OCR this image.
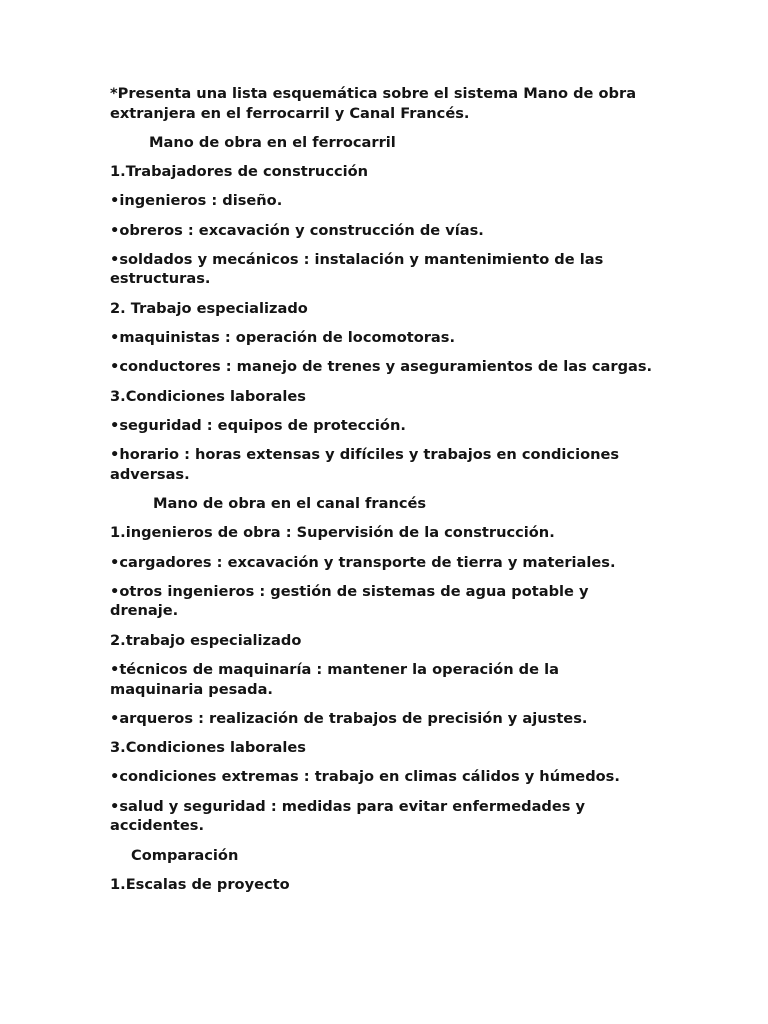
*Presenta una lista esquemática sobre el sistema Mano de obra extranjera en el ferrocarril y Canal Francés.

Mano de obra en el ferrocarril

1.Trabajadores de construcción

•ingenieros : diseño.

•obreros : excavación y construcción de vías.

•soldados y mecánicos : instalación y mantenimiento de las estructuras.

2. Trabajo especializado

•maquinistas : operación de locomotoras.

•conductores : manejo de trenes y aseguramientos de las cargas.

3.Condiciones laborales

•seguridad : equipos de protección.

•horario : horas extensas y difíciles y trabajos en condiciones adversas.

Mano de obra en el canal francés

1.ingenieros de obra : Supervisión de la construcción.

•cargadores : excavación y transporte de tierra y materiales.

•otros ingenieros : gestión de sistemas de agua potable y drenaje.

2.trabajo especializado

•técnicos de maquinaría : mantener la operación de la maquinaria pesada.

•arqueros : realización de trabajos de precisión y ajustes.

3.Condiciones laborales

•condiciones extremas : trabajo en climas cálidos y húmedos.

•salud y seguridad : medidas para evitar enfermedades y accidentes.

Comparación

1.Escalas de proyecto
